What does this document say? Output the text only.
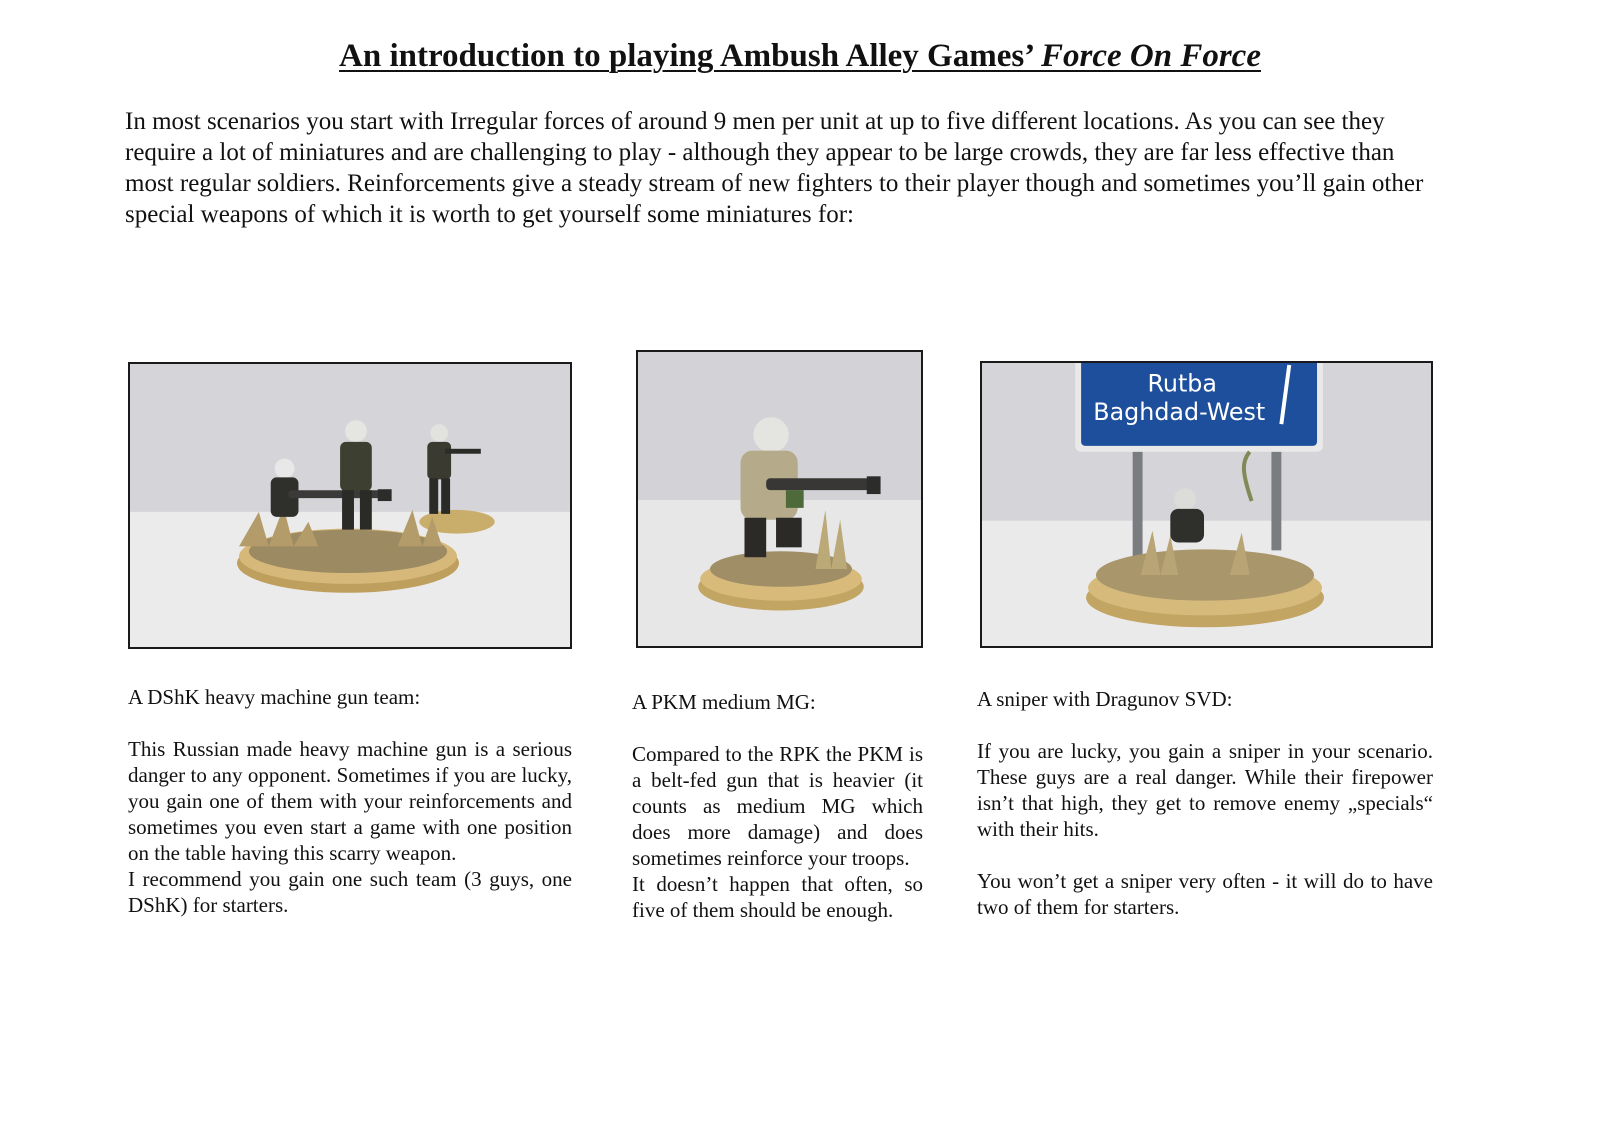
An introduction to playing Ambush Alley Games’ Force On Force

In most scenarios you start with Irregular forces of around 9 men per unit at up to five different locations. As you can see they require a lot of miniatures and are challenging to play - although they appear to be large crowds, they are far less effective than most regular soldiers. Reinforcements give a steady stream of new fighters to their player though and sometimes you’ll gain other special weapons of which it is worth to get yourself some miniatures for:

Rutba
Baghdad-West

A DShK heavy machine gun team:

This Russian made heavy machine gun is a serious danger to any opponent. Sometimes if you are lucky, you gain one of them with your reinforcements and sometimes you even start a game with one position on the table having this scarry weapon.

I recommend you gain one such team (3 guys, one DShK) for starters.

A PKM medium MG:

Compared to the RPK the PKM is a belt-fed gun that is heavier (it counts as medium MG which does more damage) and does sometimes reinforce your troops.

It doesn’t happen that often, so five of them should be enough.

A sniper with Dragunov SVD:

If you are lucky, you gain a sniper in your scenario. These guys are a real danger. While their firepower isn’t that high, they get to remove enemy „specials“ with their hits.

You won’t get a sniper very often - it will do to have two of them for starters.
